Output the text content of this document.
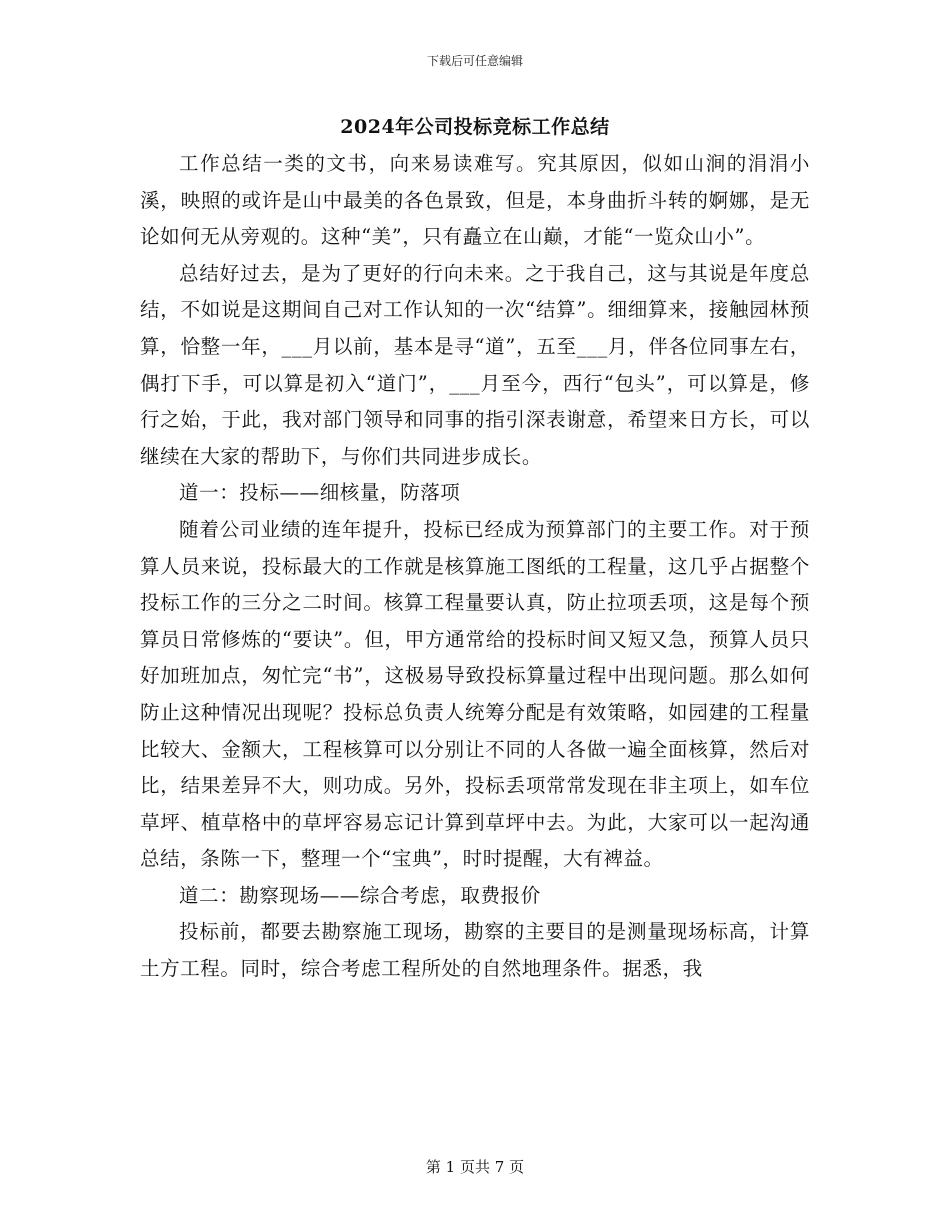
下载后可任意编辑
2024年公司投标竞标工作总结

工作总结一类的文书，向来易读难写。究其原因，似如山涧的涓涓小溪，映照的或许是山中最美的各色景致，但是，本身曲折斗转的婀娜，是无论如何无从旁观的。这种“美”，只有矗立在山巅，才能“一览众山小”。

总结好过去，是为了更好的行向未来。之于我自己，这与其说是年度总结，不如说是这期间自己对工作认知的一次“结算”。细细算来，接触园林预算，恰整一年，___月以前，基本是寻“道”，五至___月，伴各位同事左右，偶打下手，可以算是初入“道门”，___月至今，西行“包头”，可以算是，修行之始，于此，我对部门领导和同事的指引深表谢意，希望来日方长，可以继续在大家的帮助下，与你们共同进步成长。

道一：投标——细核量，防落项

随着公司业绩的连年提升，投标已经成为预算部门的主要工作。对于预算人员来说，投标最大的工作就是核算施工图纸的工程量，这几乎占据整个投标工作的三分之二时间。核算工程量要认真，防止拉项丢项，这是每个预算员日常修炼的“要诀”。但，甲方通常给的投标时间又短又急，预算人员只好加班加点，匆忙完“书”，这极易导致投标算量过程中出现问题。那么如何防止这种情况出现呢？投标总负责人统筹分配是有效策略，如园建的工程量比较大、金额大，工程核算可以分别让不同的人各做一遍全面核算，然后对比，结果差异不大，则功成。另外，投标丢项常常发现在非主项上，如车位草坪、植草格中的草坪容易忘记计算到草坪中去。为此，大家可以一起沟通总结，条陈一下，整理一个“宝典”，时时提醒，大有裨益。

道二：勘察现场——综合考虑，取费报价

投标前，都要去勘察施工现场，勘察的主要目的是测量现场标高，计算土方工程。同时，综合考虑工程所处的自然地理条件。据悉，我

第 1 页共 7 页
